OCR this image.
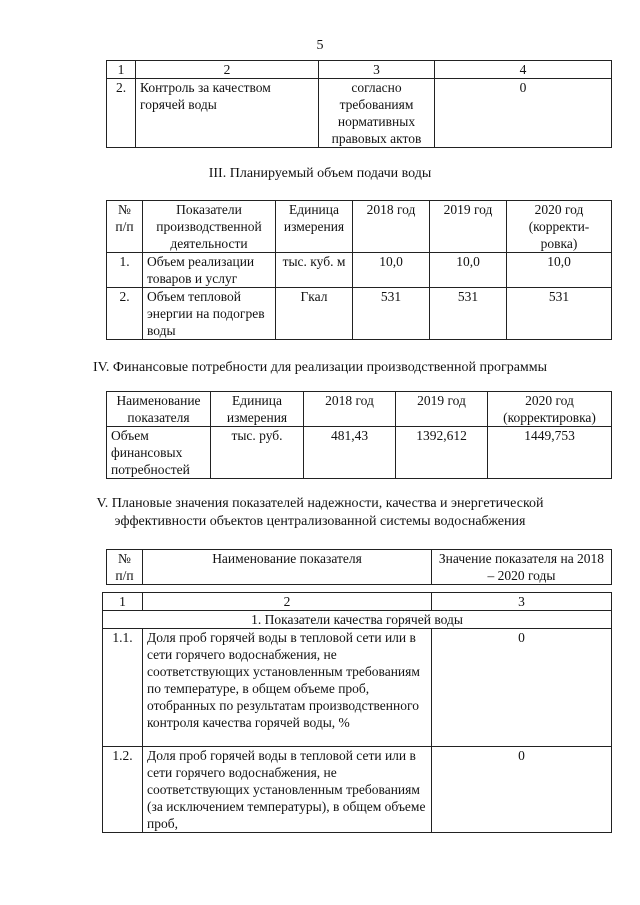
5
1	2	3	4
2.	Контроль за качеством горячей воды	согласно требованиям нормативных правовых актов	0
III. Планируемый объем подачи воды
№ п/п	Показатели производственной деятельности	Единица измерения	2018 год	2019 год	2020 год (корректи-ровка)
1.	Объем реализации товаров и услуг	тыс. куб. м	10,0	10,0	10,0
2.	Объем тепловой энергии на подогрев воды	Гкал	531	531	531
IV. Финансовые потребности для реализации производственной программы
Наименование показателя	Единица измерения	2018 год	2019 год	2020 год (корректировка)
Объем финансовых потребностей	тыс. руб.	481,43	1392,612	1449,753
V. Плановые значения показателей надежности, качества и энергетической
эффективности объектов централизованной системы водоснабжения
№ п/п	Наименование показателя	Значение показателя на 2018 – 2020 годы
1	2	3
1. Показатели качества горячей воды		
1.1.	Доля проб горячей воды в тепловой сети или в сети горячего водоснабжения, не соответствующих установленным требованиям по температуре, в общем объеме проб, отобранных по результатам производственного контроля качества горячей воды, %	0
1.2.	Доля проб горячей воды в тепловой сети или в сети горячего водоснабжения, не соответствующих установленным требованиям (за исключением температуры), в общем объеме проб,	0
